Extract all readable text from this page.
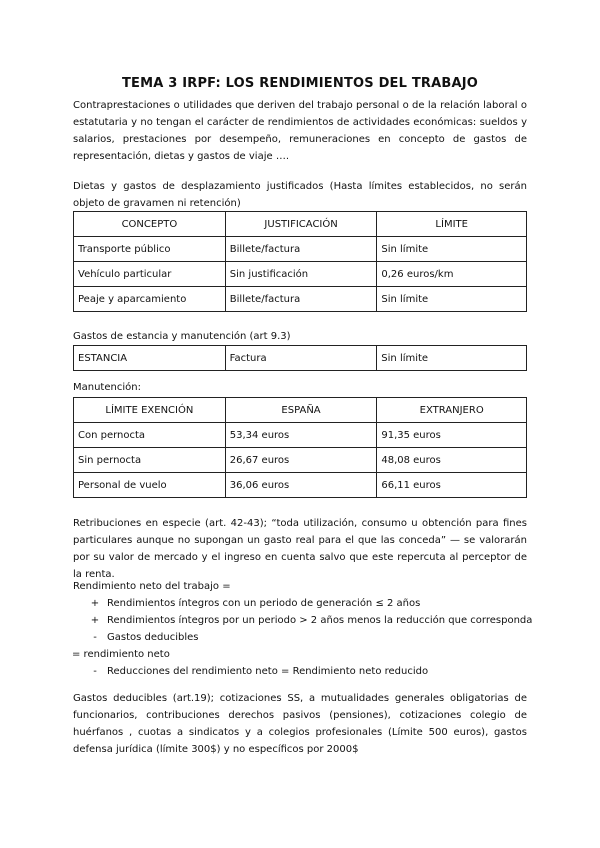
TEMA 3 IRPF: LOS RENDIMIENTOS DEL TRABAJO
Contraprestaciones o utilidades que deriven del trabajo personal o de la relación laboral o estatutaria y no tengan el carácter de rendimientos de actividades económicas: sueldos y salarios, prestaciones por desempeño, remuneraciones en concepto de gastos de representación, dietas y gastos de viaje ….
Dietas y gastos de desplazamiento justificados (Hasta límites establecidos, no serán objeto de gravamen ni retención)
CONCEPTO	JUSTIFICACIÓN	LÍMITE
Transporte público	Billete/factura	Sin límite
Vehículo particular	Sin justificación	0,26 euros/km
Peaje y aparcamiento	Billete/factura	Sin límite
Gastos de estancia y manutención (art 9.3)
ESTANCIA	Factura	Sin límite
Manutención:
LÍMITE EXENCIÓN	ESPAÑA	EXTRANJERO
Con pernocta	53,34 euros	91,35 euros
Sin pernocta	26,67 euros	48,08 euros
Personal de vuelo	36,06 euros	66,11 euros
Retribuciones en especie (art. 42-43); “toda utilización, consumo u obtención para fines particulares aunque no supongan un gasto real para el que las conceda” — se valorarán por su valor de mercado y el ingreso en cuenta salvo que este repercuta al perceptor de la renta.
Rendimiento neto del trabajo =
+ Rendimientos íntegros con un periodo de generación ≤ 2 años
+ Rendimientos íntegros por un periodo > 2 años menos la reducción que corresponda
-	Gastos deducibles
= rendimiento neto
-	Reducciones del rendimiento neto = Rendimiento neto reducido
Gastos deducibles (art.19); cotizaciones SS, a mutualidades generales obligatorias de funcionarios, contribuciones derechos pasivos (pensiones), cotizaciones colegio de huérfanos , cuotas a sindicatos y a colegios profesionales (Límite 500 euros), gastos defensa jurídica (límite 300$) y no específicos por 2000$
